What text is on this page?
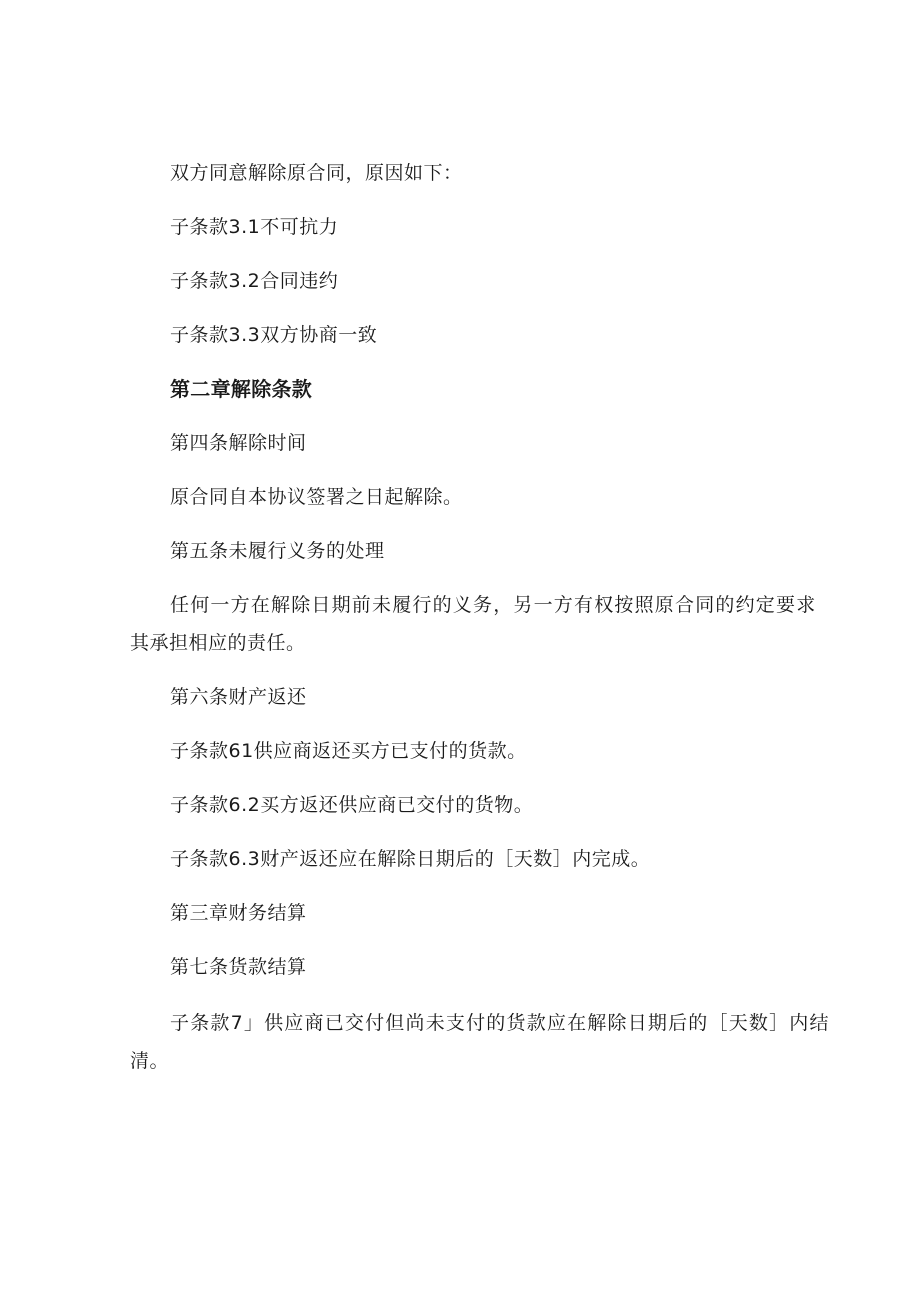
双方同意解除原合同，原因如下：
子条款3.1不可抗力
子条款3.2合同违约
子条款3.3双方协商一致
第二章解除条款
第四条解除时间
原合同自本协议签署之日起解除。
第五条未履行义务的处理
任何一方在解除日期前未履行的义务，另一方有权按照原合同的约定要求
其承担相应的责任。
第六条财产返还
子条款61供应商返还买方已支付的货款。
子条款6.2买方返还供应商已交付的货物。
子条款6.3财产返还应在解除日期后的［天数］内完成。
第三章财务结算
第七条货款结算
子条款7」供应商已交付但尚未支付的货款应在解除日期后的［天数］内结
清。
